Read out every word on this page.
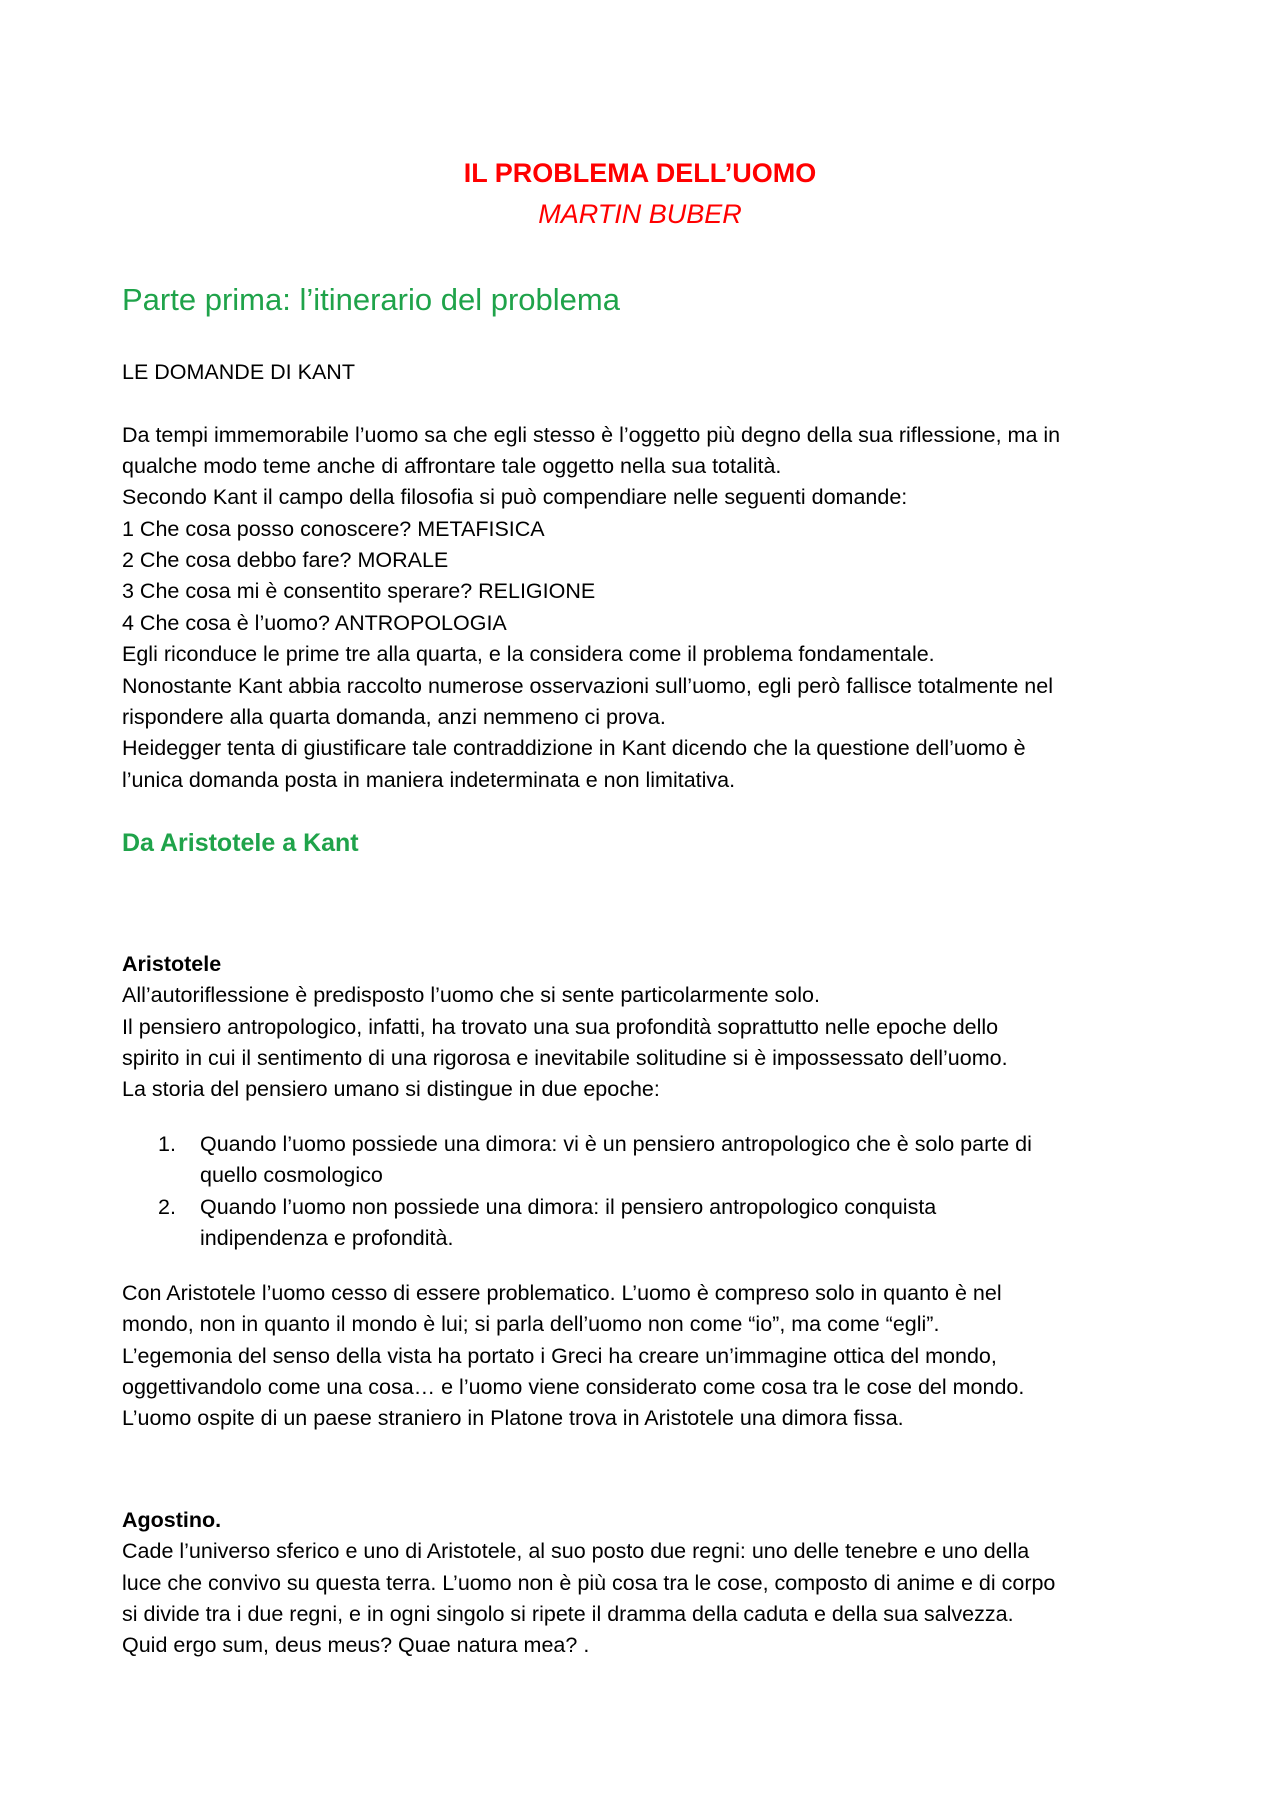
IL PROBLEMA DELL’UOMO
MARTIN BUBER
Parte prima: l’itinerario del problema
LE DOMANDE DI KANT
Da tempi immemorabile l’uomo sa che egli stesso è l’oggetto più degno della sua riflessione, ma in
qualche modo teme anche di affrontare tale oggetto nella sua totalità.
Secondo Kant il campo della filosofia si può compendiare nelle seguenti domande:
1 Che cosa posso conoscere? METAFISICA
2 Che cosa debbo fare? MORALE
3 Che cosa mi è consentito sperare? RELIGIONE
4 Che cosa è l’uomo? ANTROPOLOGIA
Egli riconduce le prime tre alla quarta, e la considera come il problema fondamentale.
Nonostante Kant abbia raccolto numerose osservazioni sull’uomo, egli però fallisce totalmente nel
rispondere alla quarta domanda, anzi nemmeno ci prova.
Heidegger tenta di giustificare tale contraddizione in Kant dicendo che la questione dell’uomo è
l’unica domanda posta in maniera indeterminata e non limitativa.
Da Aristotele a Kant
Aristotele
All’autoriflessione è predisposto l’uomo che si sente particolarmente solo.
Il pensiero antropologico, infatti, ha trovato una sua profondità soprattutto nelle epoche dello
spirito in cui il sentimento di una rigorosa e inevitabile solitudine si è impossessato dell’uomo.
La storia del pensiero umano si distingue in due epoche:
1. Quando l’uomo possiede una dimora: vi è un pensiero antropologico che è solo parte di
quello cosmologico
2. Quando l’uomo non possiede una dimora: il pensiero antropologico conquista
indipendenza e profondità.
Con Aristotele l’uomo cesso di essere problematico. L’uomo è compreso solo in quanto è nel
mondo, non in quanto il mondo è lui; si parla dell’uomo non come “io”, ma come “egli”.
L’egemonia del senso della vista ha portato i Greci ha creare un’immagine ottica del mondo,
oggettivandolo come una cosa… e l’uomo viene considerato come cosa tra le cose del mondo.
L’uomo ospite di un paese straniero in Platone trova in Aristotele una dimora fissa.
Agostino.
Cade l’universo sferico e uno di Aristotele, al suo posto due regni: uno delle tenebre e uno della
luce che convivo su questa terra. L’uomo non è più cosa tra le cose, composto di anime e di corpo
si divide tra i due regni, e in ogni singolo si ripete il dramma della caduta e della sua salvezza.
Quid ergo sum, deus meus? Quae natura mea? .
